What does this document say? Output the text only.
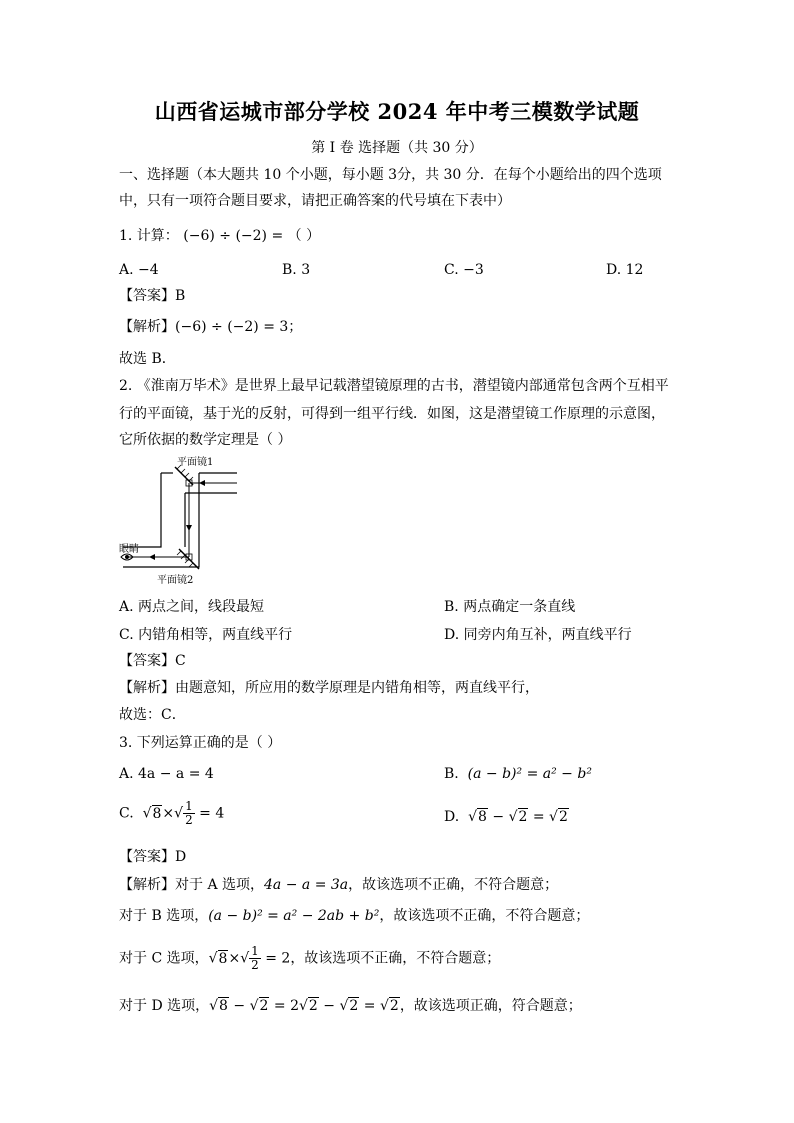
山西省运城市部分学校 2024 年中考三模数学试题
第 I 卷 选择题（共 30 分）
一、选择题（本大题共 10 个小题，每小题 3分，共 30 分．在每个小题给出的四个选项
中，只有一项符合题目要求，请把正确答案的代号填在下表中）
1. 计算： (−6) ÷ (−2) = （ ）
A. −4	B. 3	C. −3	D. 12
【答案】B
【解析】(−6) ÷ (−2) = 3；
故选 B．
2. 《淮南万毕术》是世界上最早记载潜望镜原理的古书，潜望镜内部通常包含两个互相平
行的平面镜，基于光的反射，可得到一组平行线．如图，这是潜望镜工作原理的示意图，
它所依据的数学定理是（ ）
平面镜1
眼睛
平面镜2
A. 两点之间，线段最短	B. 两点确定一条直线
C. 内错角相等，两直线平行	D. 同旁内角互补，两直线平行
【答案】C
【解析】由题意知，所应用的数学原理是内错角相等，两直线平行，
故选：C．
3. 下列运算正确的是（ ）
A. 4a − a = 4	B. (a − b)² = a² − b²
C.  $√8\times√ \frac{1}{2} = 4$	D.  √8 − √2 = √2
【答案】D
【解析】对于 A 选项，4a − a = 3a，故该选项不正确，不符合题意；
对于 B 选项，(a − b)² = a² − 2ab + b²，故该选项不正确，不符合题意；
对于 C 选项，$√8\times√ \frac{1}{2} = 2$，故该选项不正确，不符合题意；
对于 D 选项，√8 − √2 = 2√2 − √2 = √2，故该选项正确，符合题意；
